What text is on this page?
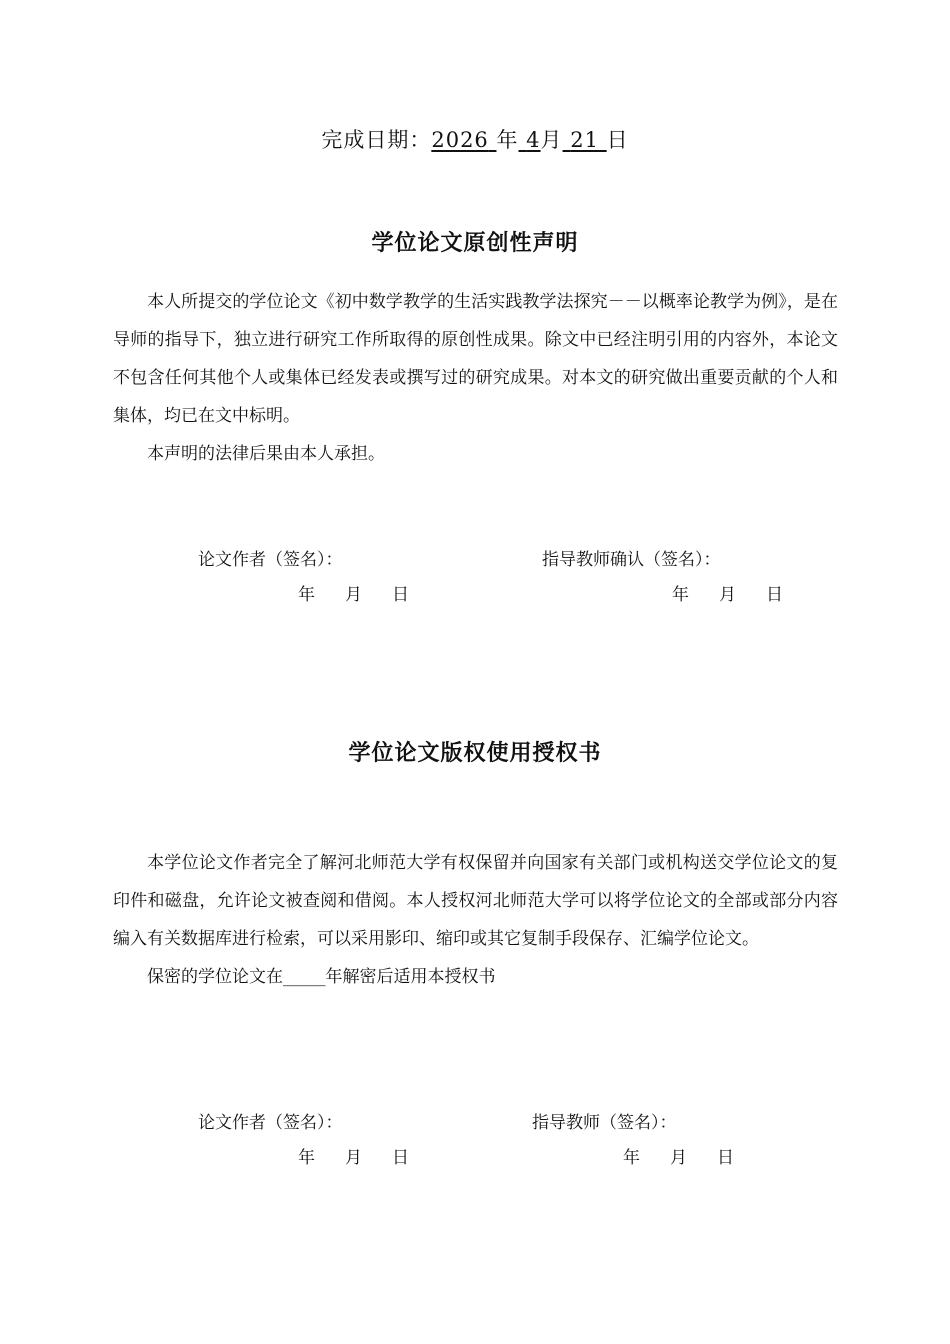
完成日期：2026 年 4月 21 日
学位论文原创性声明

本人所提交的学位论文《初中数学教学的生活实践教学法探究－－以概率论教学为例》，是在导师的指导下，独立进行研究工作所取得的原创性成果。除文中已经注明引用的内容外，本论文不包含任何其他个人或集体已经发表或撰写过的研究成果。对本文的研究做出重要贡献的个人和集体，均已在文中标明。

本声明的法律后果由本人承担。

论文作者（签名）：	指导教师确认（签名）：
年 月 日	年 月 日
学位论文版权使用授权书

本学位论文作者完全了解河北师范大学有权保留并向国家有关部门或机构送交学位论文的复印件和磁盘，允许论文被查阅和借阅。本人授权河北师范大学可以将学位论文的全部或部分内容编入有关数据库进行检索，可以采用影印、缩印或其它复制手段保存、汇编学位论文。

保密的学位论文在_____年解密后适用本授权书

论文作者（签名）：	指导教师（签名）：
年 月 日	年 月 日
